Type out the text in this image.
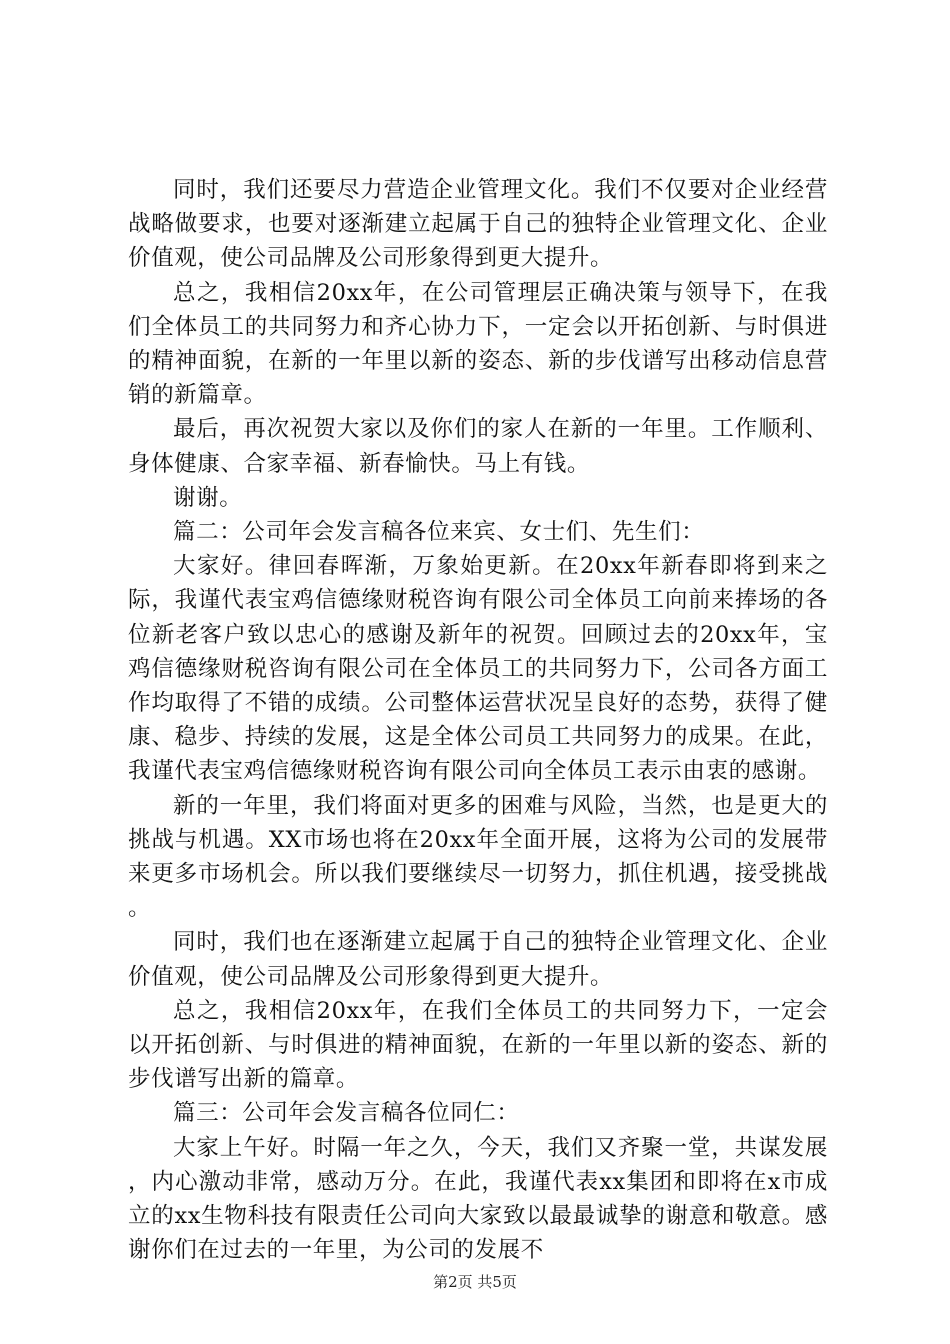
同时，我们还要尽力营造企业管理文化。我们不仅要对企业经营战略做要求，也要对逐渐建立起属于自己的独特企业管理文化、企业价值观，使公司品牌及公司形象得到更大提升。

总之，我相信20xx年，在公司管理层正确决策与领导下，在我们全体员工的共同努力和齐心协力下，一定会以开拓创新、与时俱进的精神面貌，在新的一年里以新的姿态、新的步伐谱写出移动信息营销的新篇章。

最后，再次祝贺大家以及你们的家人在新的一年里。工作顺利、身体健康、合家幸福、新春愉快。马上有钱。

谢谢。

篇二：公司年会发言稿各位来宾、女士们、先生们：

大家好。律回春晖渐，万象始更新。在20xx年新春即将到来之际，我谨代表宝鸡信德缘财税咨询有限公司全体员工向前来捧场的各位新老客户致以忠心的感谢及新年的祝贺。回顾过去的20xx年，宝鸡信德缘财税咨询有限公司在全体员工的共同努力下，公司各方面工作均取得了不错的成绩。公司整体运营状况呈良好的态势，获得了健康、稳步、持续的发展，这是全体公司员工共同努力的成果。在此，我谨代表宝鸡信德缘财税咨询有限公司向全体员工表示由衷的感谢。

新的一年里，我们将面对更多的困难与风险，当然，也是更大的挑战与机遇。XX市场也将在20xx年全面开展，这将为公司的发展带来更多市场机会。所以我们要继续尽一切努力，抓住机遇，接受挑战。

同时，我们也在逐渐建立起属于自己的独特企业管理文化、企业价值观，使公司品牌及公司形象得到更大提升。

总之，我相信20xx年，在我们全体员工的共同努力下，一定会以开拓创新、与时俱进的精神面貌，在新的一年里以新的姿态、新的步伐谱写出新的篇章。

篇三：公司年会发言稿各位同仁：

大家上午好。时隔一年之久，今天，我们又齐聚一堂，共谋发展，内心激动非常，感动万分。在此，我谨代表xx集团和即将在x市成立的xx生物科技有限责任公司向大家致以最最诚挚的谢意和敬意。感谢你们在过去的一年里，为公司的发展不

第2页 共5页
